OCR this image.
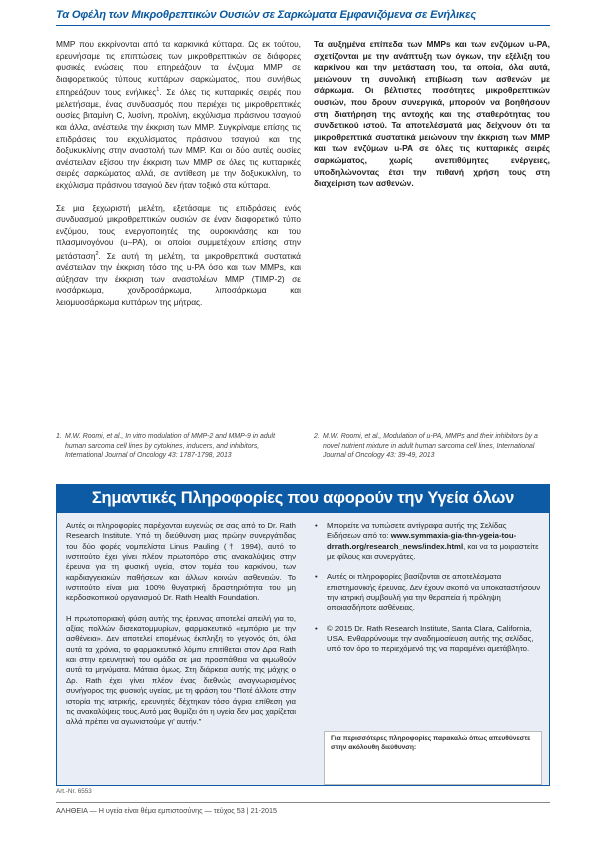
Τα Οφέλη των Μικροθρεπτικών Ουσιών σε Σαρκώματα Εμφανιζόμενα σε Ενήλικες

MMP που εκκρίνονται από τα καρκινικά κύτταρα. Ως εκ τούτου, ερευνήσαμε τις επιπτώσεις των μικροθρεπτικών σε διάφορες φυσικές ενώσεις που επηρεάζουν τα ένζυμα MMP σε διαφορετικούς τύπους κυττάρων σαρκώματος, που συνήθως επηρεάζουν τους ενήλικες$^1$. Σε όλες τις κυτταρικές σειρές που μελετήσαμε, ένας συνδυασμός που περιέχει τις μικροθρεπτικές ουσίες βιταμίνη C, λυσίνη, προλίνη, εκχύλισμα πράσινου τσαγιού και άλλα, ανέστειλε την έκκριση των MMP. Συγκρίναμε επίσης τις επιδράσεις του εκχυλίσματος πράσινου τσαγιού και της δοξυκυκλίνης στην αναστολή των MMP. Και οι δύο αυτές ουσίες ανέστειλαν εξίσου την έκκριση των MMP σε όλες τις κυτταρικές σειρές σαρκώματος αλλά, σε αντίθεση με την δοξυκυκλίνη, το εκχύλισμα πράσινου τσαγιού δεν ήταν τοξικό στα κύτταρα.

Σε μια ξεχωριστή μελέτη, εξετάσαμε τις επιδράσεις ενός συνδυασμού μικροθρεπτικών ουσιών σε έναν διαφορετικό τύπο ενζύμου, τους ενεργοποιητές της ουροκινάσης και του πλασμινογόνου (u–PA), οι οποίοι συμμετέχουν επίσης στην μετάσταση$^2$. Σε αυτή τη μελέτη, τα μικροθρεπτικά συστατικά ανέστειλαν την έκκριση τόσο της u-PA όσο και των MMPs, και αύξησαν την έκκριση των αναστολέων MMP (TIMP-2) σε ινοσάρκωμα, χονδροσάρκωμα, λιποσάρκωμα και λειομυοσάρκωμα κυττάρων της μήτρας.

Τα αυξημένα επίπεδα των MMPs και των ενζύμων u-PA, σχετίζονται με την ανάπτυξη των όγκων, την εξέλιξη του καρκίνου και την μετάσταση του, τα οποία, όλα αυτά, μειώνουν τη συνολική επιβίωση των ασθενών με σάρκωμα. Οι βέλτιστες ποσότητες μικροθρεπτικών ουσιών, που δρουν συνεργικά, μπορούν να βοηθήσουν στη διατήρηση της αντοχής και της σταθερότητας του συνδετικού ιστού. Τα αποτελέσματά μας δείχνουν ότι τα μικροθρεπτικά συστατικά μειώνουν την έκκριση των MMP και των ενζύμων u-PA σε όλες τις κυτταρικές σειρές σαρκώματος, χωρίς ανεπιθύμητες ενέργειες, υποδηλώνοντας έτσι την πιθανή χρήση τους στη διαχείριση των ασθενών.

1. M.W. Roomi, et al., In vitro modulation of MMP-2 and MMP-9 in adult human sarcoma cell lines by cytokines, inducers, and inhibitors, International Journal of Oncology 43: 1787-1798, 2013
2. M.W. Roomi, et al., Modulation of u-PA, MMPs and their inhibitors by a novel nutrient mixture in adult human sarcoma cell lines, International Journal of Oncology 43: 39-49, 2013
Σημαντικές Πληροφορίες που αφορούν την Υγεία όλων

Αυτές οι πληροφορίες παρέχονται ευγενώς σε σας από το Dr. Rath Research Institute. Υπό τη διεύθυνση μιας πρώην συνεργάτιδας του δύο φορές νομπελίστα Linus Pauling († 1994), αυτό το ινστιτούτο έχει γίνει πλέον πρωτοπόρο στις ανακαλύψεις στην έρευνα για τη φυσική υγεία, στον τομέα του καρκίνου, των καρδιαγγειακών παθήσεων και άλλων κοινών ασθενειών. Το ινστιτούτο είναι μια 100% θυγατρική δραστηριότητα του μη κερδοσκοπικού οργανισμού Dr. Rath Health Foundation.

Η πρωτοποριακή φύση αυτής της έρευνας αποτελεί απειλή για το, αξίας πολλών δισεκατομμυρίων, φαρμακευτικό «εμπόριο με την ασθένεια». Δεν αποτελεί επομένως έκπληξη το γεγονός ότι, όλα αυτά τα χρόνια, το φαρμακευτικό λόμπυ επιτίθεται στον Δρα Rath και στην ερευνητική του ομάδα σε μια προσπάθεια να φιμωθούν αυτά τα μηνύματα. Μάταια όμως. Στη διάρκεια αυτής της μάχης ο Δρ. Rath έχει γίνει πλέον ένας διεθνώς αναγνωρισμένος συνήγορος της φυσικής υγείας, με τη φράση του “Ποτέ άλλοτε στην ιστορία της ιατρικής, ερευνητές δέχτηκαν τόσο άγρια επίθεση για τις ανακαλύψεις τους.Αυτό μας θυμίζει ότι η υγεία δεν μας χαρίζεται αλλά πρέπει να αγωνιστούμε γι’ αυτήν.”

• Μπορείτε να τυπώσετε αντίγραφα αυτής της Σελίδας Ειδήσεων από το: www.symmaxia-gia-thn-ygeia-tou-drrath.org/research_news/index.html, και να τα μοιραστείτε με φίλους και συνεργάτες.
• Αυτές οι πληροφορίες βασίζονται σε αποτελέσματα επιστημονικής έρευνας. Δεν έχουν σκοπό να υποκαταστήσουν την ιατρική συμβουλή για την θεραπεία ή πρόληψη οποιασδήποτε ασθένειας.
• © 2015 Dr. Rath Research Institute, Santa Clara, California, USA. Ενθαρρύνουμε την αναδημοσίευση αυτής της σελίδας, υπό τον όρο το περιεχόμενό της να παραμένει αμετάβλητο.
Για περισσότερες πληροφορίες παρακαλώ όπως απευθύνεστε στην ακόλουθη διεύθυνση:
Art.-Nr. 6553
ΑΛΗΘΕΙΑ — Η υγεία είναι θέμα εμπιστοσύνης — τεύχος 53 | 21-2015
